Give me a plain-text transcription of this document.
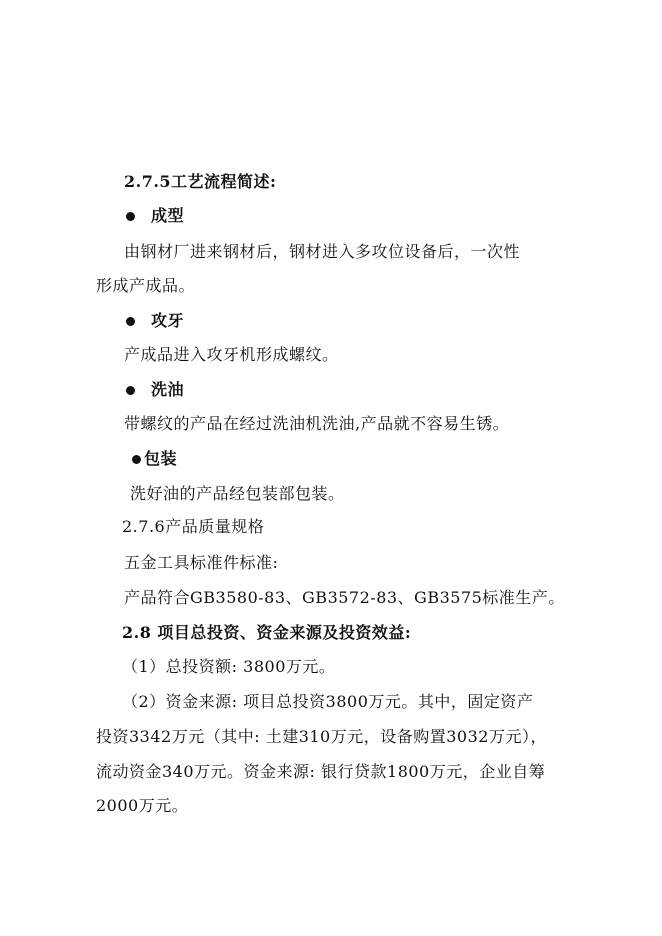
2.7.5工艺流程简述:
成型
由钢材厂进来钢材后，钢材进入多攻位设备后，一次性
形成产成品。
攻牙
产成品进入攻牙机形成螺纹。
洗油
带螺纹的产品在经过洗油机洗油,产品就不容易生锈。
包装
洗好油的产品经包装部包装。
2.7.6产品质量规格
五金工具标准件标准:
产品符合GB3580-83、GB3572-83、GB3575标准生产。
2.8 项目总投资、资金来源及投资效益:
（1）总投资额: 3800万元。
（2）资金来源: 项目总投资3800万元。其中，固定资产
投资3342万元（其中: 土建310万元，设备购置3032万元），
流动资金340万元。资金来源: 银行贷款1800万元，企业自筹
2000万元。
